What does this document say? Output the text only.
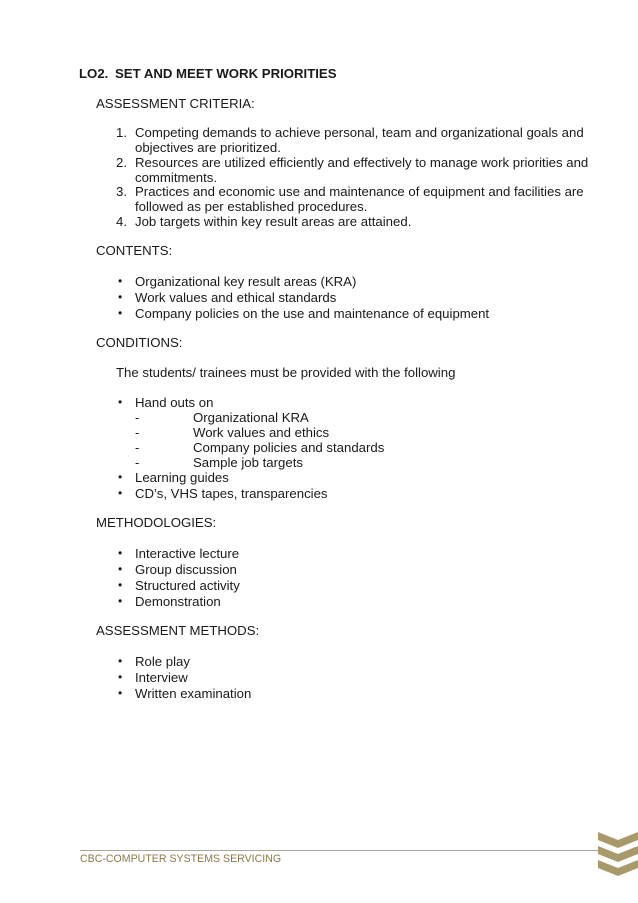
LO2. SET AND MEET WORK PRIORITIES
ASSESSMENT CRITERIA:
1. Competing demands to achieve personal, team and organizational goals and
objectives are prioritized.
2. Resources are utilized efficiently and effectively to manage work priorities and
commitments.
3. Practices and economic use and maintenance of equipment and facilities are
followed as per established procedures.
4. Job targets within key result areas are attained.
CONTENTS:
• Organizational key result areas (KRA)
• Work values and ethical standards
• Company policies on the use and maintenance of equipment
CONDITIONS:
The students/ trainees must be provided with the following
• Hand outs on
-	Organizational KRA
-	Work values and ethics
-	Company policies and standards
-	Sample job targets
• Learning guides
• CD’s, VHS tapes, transparencies
METHODOLOGIES:
• Interactive lecture
• Group discussion
• Structured activity
• Demonstration
ASSESSMENT METHODS:
• Role play
• Interview
• Written examination
CBC-COMPUTER SYSTEMS SERVICING
